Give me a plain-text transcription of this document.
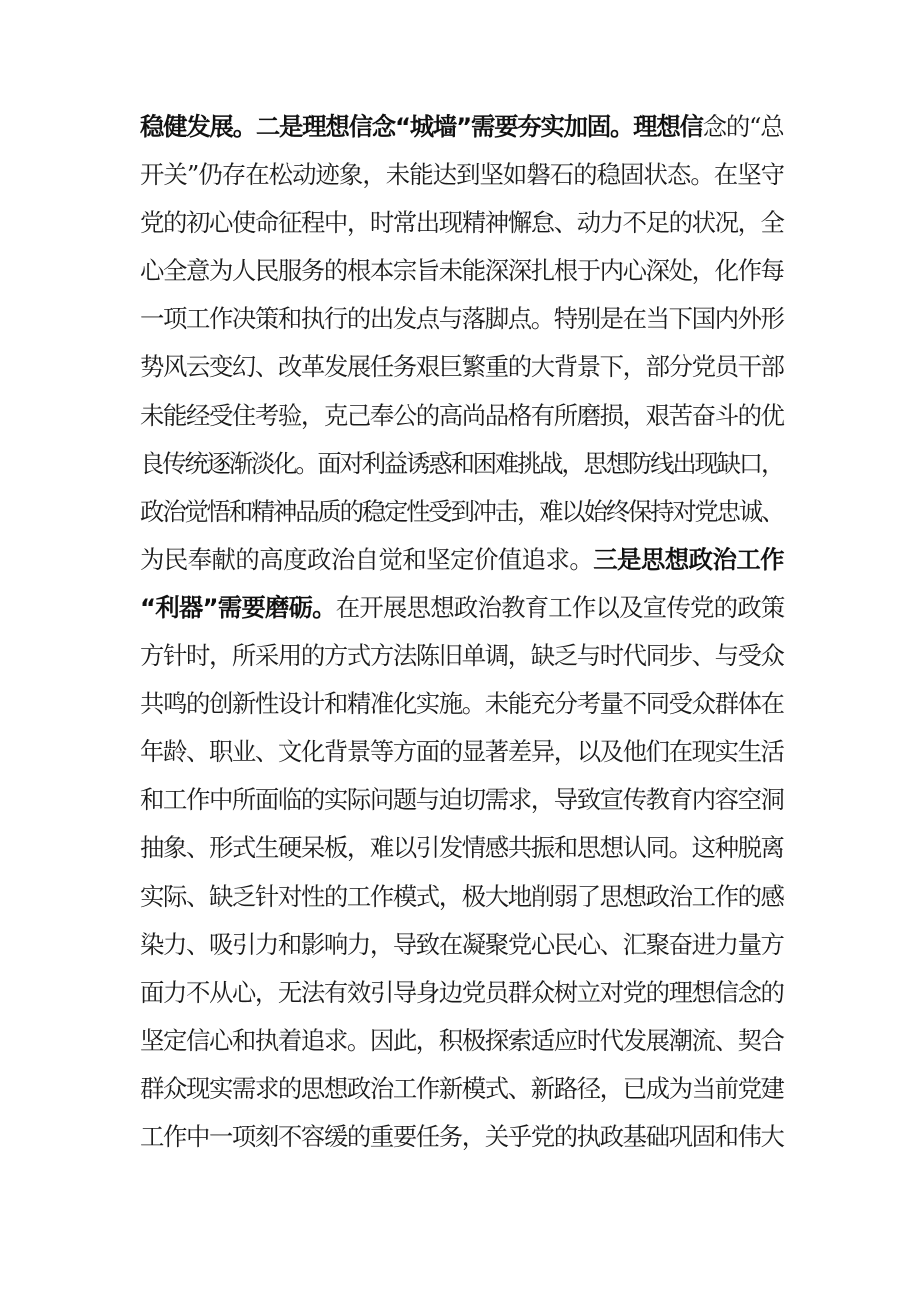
稳健发展。二是理想信念“城墙”需要夯实加固。理想信念的“总
开关”仍存在松动迹象，未能达到坚如磐石的稳固状态。在坚守
党的初心使命征程中，时常出现精神懈怠、动力不足的状况，全
心全意为人民服务的根本宗旨未能深深扎根于内心深处，化作每
一项工作决策和执行的出发点与落脚点。特别是在当下国内外形
势风云变幻、改革发展任务艰巨繁重的大背景下，部分党员干部
未能经受住考验，克己奉公的高尚品格有所磨损，艰苦奋斗的优
良传统逐渐淡化。面对利益诱惑和困难挑战，思想防线出现缺口，
政治觉悟和精神品质的稳定性受到冲击，难以始终保持对党忠诚、
为民奉献的高度政治自觉和坚定价值追求。三是思想政治工作
“利器”需要磨砺。在开展思想政治教育工作以及宣传党的政策
方针时，所采用的方式方法陈旧单调，缺乏与时代同步、与受众
共鸣的创新性设计和精准化实施。未能充分考量不同受众群体在
年龄、职业、文化背景等方面的显著差异，以及他们在现实生活
和工作中所面临的实际问题与迫切需求，导致宣传教育内容空洞
抽象、形式生硬呆板，难以引发情感共振和思想认同。这种脱离
实际、缺乏针对性的工作模式，极大地削弱了思想政治工作的感
染力、吸引力和影响力，导致在凝聚党心民心、汇聚奋进力量方
面力不从心，无法有效引导身边党员群众树立对党的理想信念的
坚定信心和执着追求。因此，积极探索适应时代发展潮流、契合
群众现实需求的思想政治工作新模式、新路径，已成为当前党建
工作中一项刻不容缓的重要任务，关乎党的执政基础巩固和伟大
